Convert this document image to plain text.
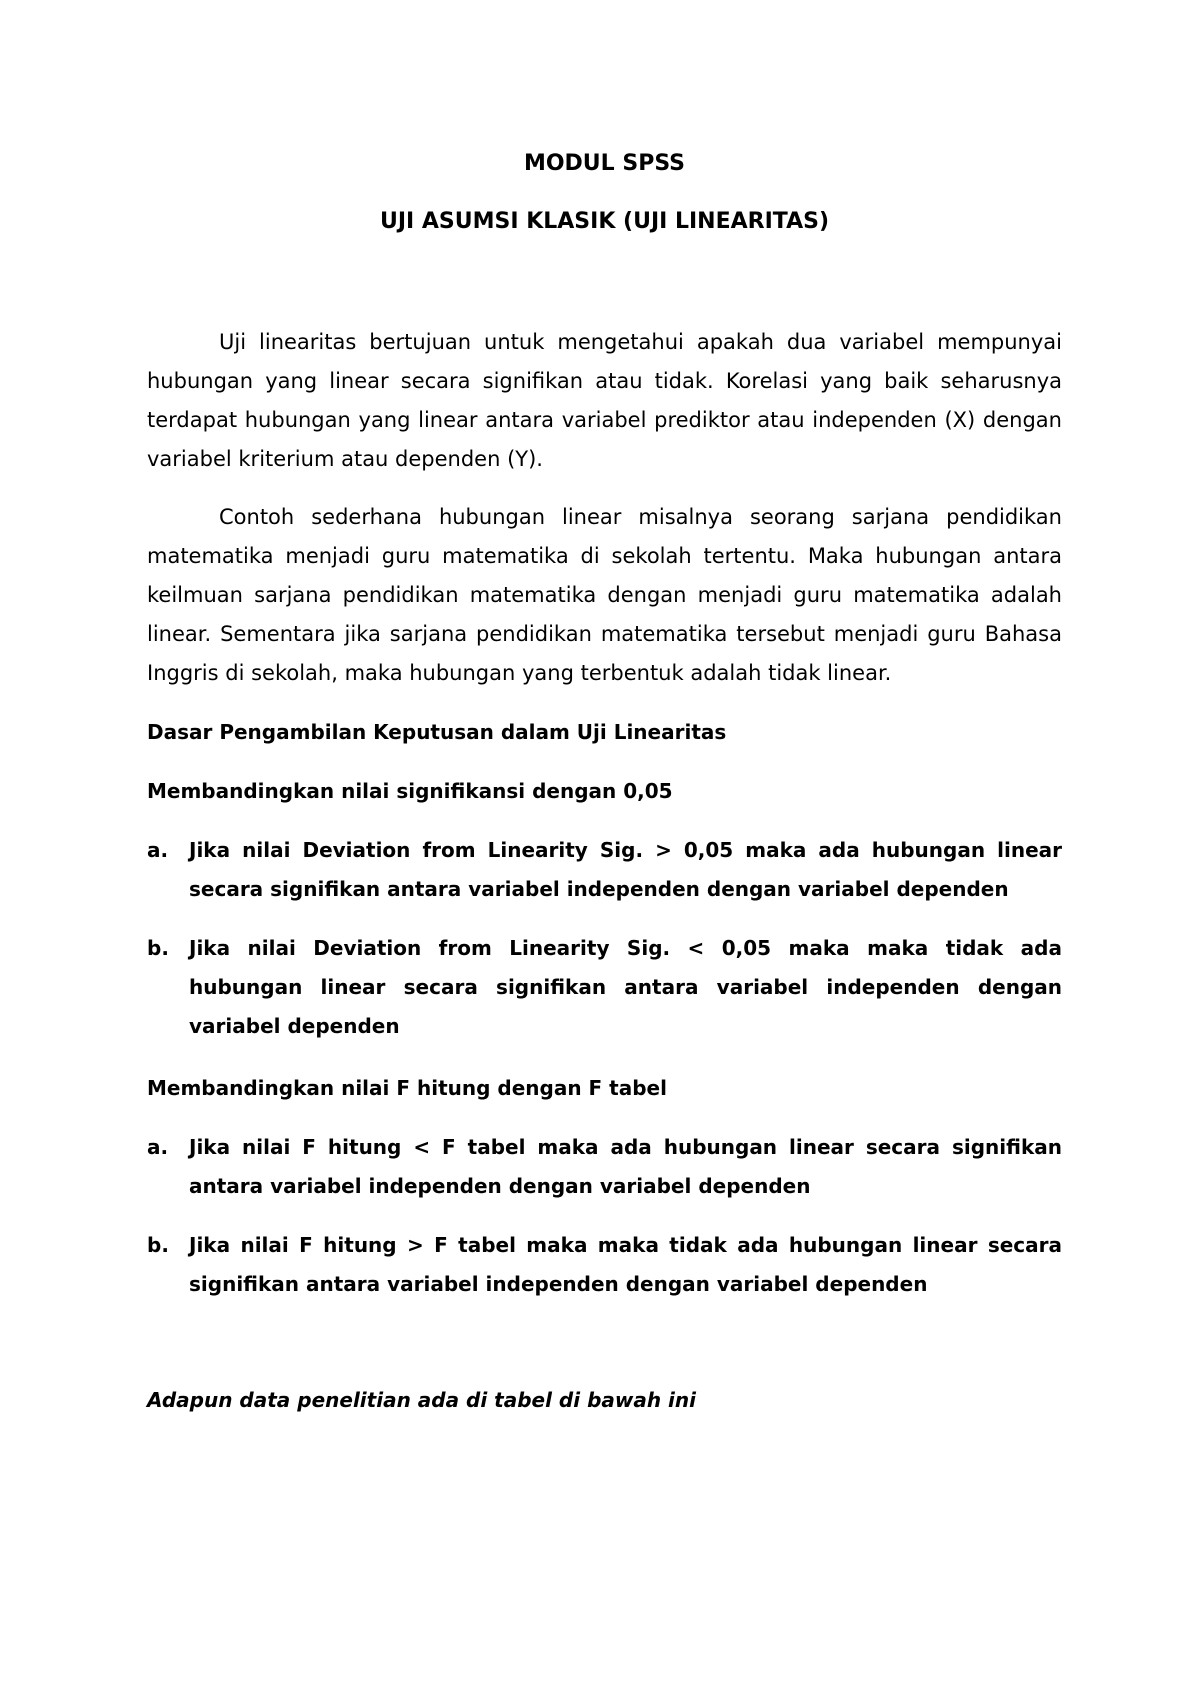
MODUL SPSS
UJI ASUMSI KLASIK (UJI LINEARITAS)

Uji linearitas bertujuan untuk mengetahui apakah dua variabel mempunyai hubungan yang linear secara signifikan atau tidak. Korelasi yang baik seharusnya terdapat hubungan yang linear antara variabel prediktor atau independen (X) dengan variabel kriterium atau dependen (Y).

Contoh sederhana hubungan linear misalnya seorang sarjana pendidikan matematika menjadi guru matematika di sekolah tertentu. Maka hubungan antara keilmuan sarjana pendidikan matematika dengan menjadi guru matematika adalah linear. Sementara jika sarjana pendidikan matematika tersebut menjadi guru Bahasa Inggris di sekolah, maka hubungan yang terbentuk adalah tidak linear.

Dasar Pengambilan Keputusan dalam Uji Linearitas
Membandingkan nilai signifikansi dengan 0,05
a.	Jika nilai Deviation from Linearity Sig. > 0,05 maka ada hubungan linear secara signifikan antara variabel independen dengan variabel dependen
b.	Jika nilai Deviation from Linearity Sig. < 0,05 maka maka tidak ada hubungan linear secara signifikan antara variabel independen dengan variabel dependen
Membandingkan nilai F hitung dengan F tabel
a.	Jika nilai F hitung < F tabel maka ada hubungan linear secara signifikan antara variabel independen dengan variabel dependen
b.	Jika nilai F hitung > F tabel maka maka tidak ada hubungan linear secara signifikan antara variabel independen dengan variabel dependen
Adapun data penelitian ada di tabel di bawah ini
